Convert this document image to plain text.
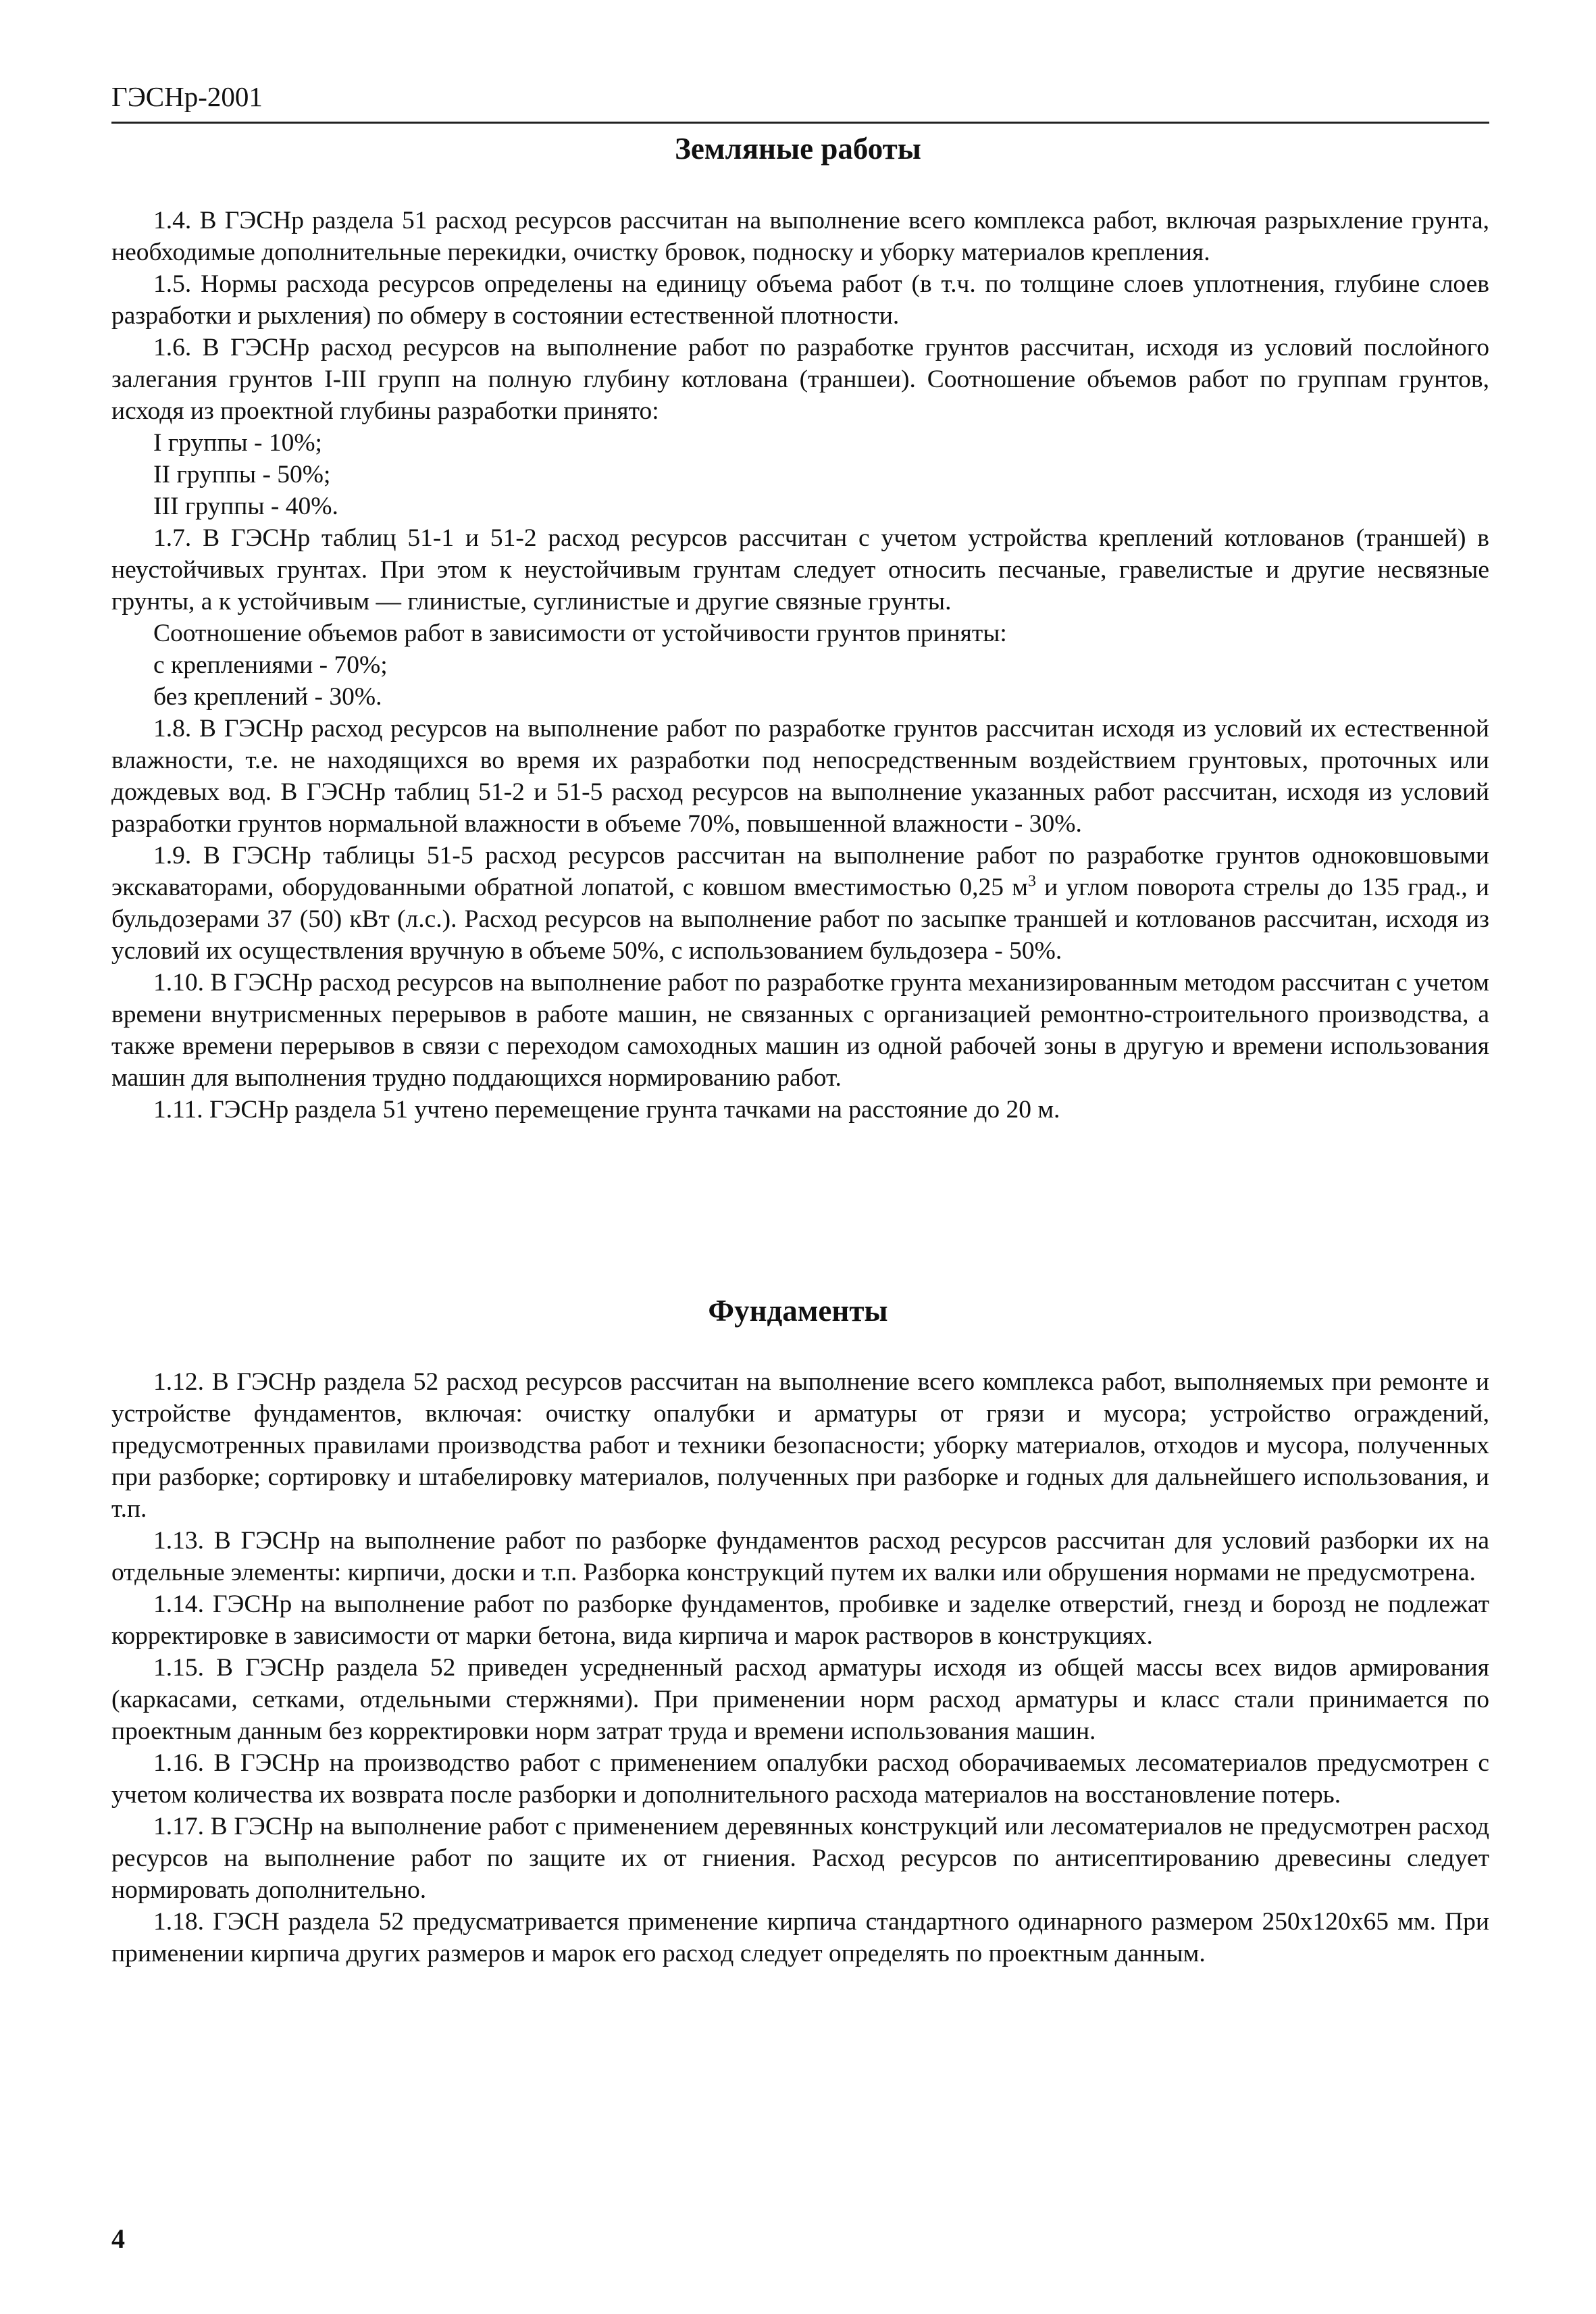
ГЭСНр-2001
Земляные работы

1.4. В ГЭСНр раздела 51 расход ресурсов рассчитан на выполнение всего комплекса работ, включая разрыхление грунта, необходимые дополнительные перекидки, очистку бровок, подноску и уборку материалов крепления.

1.5. Нормы расхода ресурсов определены на единицу объема работ (в т.ч. по толщине слоев уплотнения, глубине слоев разработки и рыхления) по обмеру в состоянии естественной плотности.

1.6. В ГЭСНр расход ресурсов на выполнение работ по разработке грунтов рассчитан, исходя из условий послойного залегания грунтов I-III групп на полную глубину котлована (траншеи). Соотношение объемов работ по группам грунтов, исходя из проектной глубины разработки принято:

I группы - 10%;

II группы - 50%;

III группы - 40%.

1.7. В ГЭСНр таблиц 51-1 и 51-2 расход ресурсов рассчитан с учетом устройства креплений котлованов (траншей) в неустойчивых грунтах. При этом к неустойчивым грунтам следует относить песчаные, гравелистые и другие несвязные грунты, а к устойчивым — глинистые, суглинистые и другие связные грунты.

Соотношение объемов работ в зависимости от устойчивости грунтов приняты:

с креплениями - 70%;

без креплений - 30%.

1.8. В ГЭСНр расход ресурсов на выполнение работ по разработке грунтов рассчитан исходя из условий их естественной влажности, т.е. не находящихся во время их разработки под непосредственным воздействием грунтовых, проточных или дождевых вод. В ГЭСНр таблиц 51-2 и 51-5 расход ресурсов на выполнение указанных работ рассчитан, исходя из условий разработки грунтов нормальной влажности в объеме 70%, повышенной влажности - 30%.

1.9. В ГЭСНр таблицы 51-5 расход ресурсов рассчитан на выполнение работ по разработке грунтов одноковшовыми экскаваторами, оборудованными обратной лопатой, с ковшом вместимостью 0,25 $м^3$ и углом поворота стрелы до 135 град., и бульдозерами 37 (50) кВт (л.с.). Расход ресурсов на выполнение работ по засыпке траншей и котлованов рассчитан, исходя из условий их осуществления вручную в объеме 50%, с использованием бульдозера - 50%.

1.10. В ГЭСНр расход ресурсов на выполнение работ по разработке грунта механизированным методом рассчитан с учетом времени внутрисменных перерывов в работе машин, не связанных с организацией ремонтно-строительного производства, а также времени перерывов в связи с переходом самоходных машин из одной рабочей зоны в другую и времени использования машин для выполнения трудно поддающихся нормированию работ.

1.11. ГЭСНр раздела 51 учтено перемещение грунта тачками на расстояние до 20 м.

Фундаменты

1.12. В ГЭСНр раздела 52 расход ресурсов рассчитан на выполнение всего комплекса работ, выполняемых при ремонте и устройстве фундаментов, включая: очистку опалубки и арматуры от грязи и мусора; устройство ограждений, предусмотренных правилами производства работ и техники безопасности; уборку материалов, отходов и мусора, полученных при разборке; сортировку и штабелировку материалов, полученных при разборке и годных для дальнейшего использования, и т.п.

1.13. В ГЭСНр на выполнение работ по разборке фундаментов расход ресурсов рассчитан для условий разборки их на отдельные элементы: кирпичи, доски и т.п. Разборка конструкций путем их валки или обрушения нормами не предусмотрена.

1.14. ГЭСНр на выполнение работ по разборке фундаментов, пробивке и заделке отверстий, гнезд и борозд не подлежат корректировке в зависимости от марки бетона, вида кирпича и марок растворов в конструкциях.

1.15. В ГЭСНр раздела 52 приведен усредненный расход арматуры исходя из общей массы всех видов армирования (каркасами, сетками, отдельными стержнями). При применении норм расход арматуры и класс стали принимается по проектным данным без корректировки норм затрат труда и времени использования машин.

1.16. В ГЭСНр на производство работ с применением опалубки расход оборачиваемых лесоматериалов предусмотрен с учетом количества их возврата после разборки и дополнительного расхода материалов на восстановление потерь.

1.17. В ГЭСНр на выполнение работ с применением деревянных конструкций или лесоматериалов не предусмотрен расход ресурсов на выполнение работ по защите их от гниения. Расход ресурсов по антисептированию древесины следует нормировать дополнительно.

1.18. ГЭСН раздела 52 предусматривается применение кирпича стандартного одинарного размером 250х120х65 мм. При применении кирпича других размеров и марок его расход следует определять по проектным данным.

4
